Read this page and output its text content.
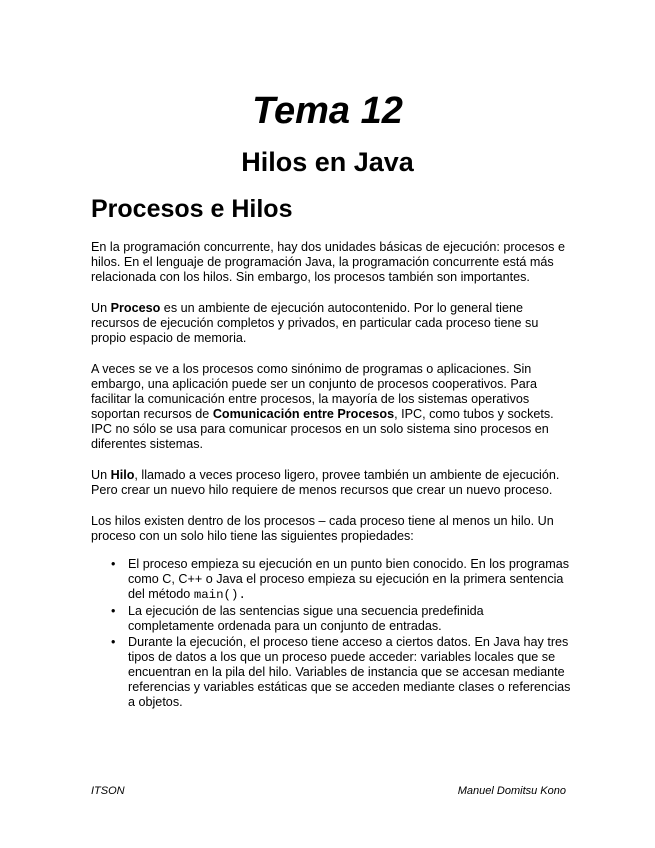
Tema 12
Hilos en Java
Procesos e Hilos

En la programación concurrente, hay dos unidades básicas de ejecución: procesos e hilos. En el lenguaje de programación Java, la programación concurrente está más relacionada con los hilos. Sin embargo, los procesos también son importantes.

Un Proceso es un ambiente de ejecución autocontenido. Por lo general tiene recursos de ejecución completos y privados, en particular cada proceso tiene su propio espacio de memoria.

A veces se ve a los procesos como sinónimo de programas o aplicaciones. Sin embargo, una aplicación puede ser un conjunto de procesos cooperativos. Para facilitar la comunicación entre procesos, la mayoría de los sistemas operativos soportan recursos de Comunicación entre Procesos, IPC, como tubos y sockets. IPC no sólo se usa para comunicar procesos en un solo sistema sino procesos en diferentes sistemas.

Un Hilo, llamado a veces proceso ligero, provee también un ambiente de ejecución. Pero crear un nuevo hilo requiere de menos recursos que crear un nuevo proceso.

Los hilos existen dentro de los procesos – cada proceso tiene al menos un hilo. Un proceso con un solo hilo tiene las siguientes propiedades:

• El proceso empieza su ejecución en un punto bien conocido. En los programas como C, C++ o Java el proceso empieza su ejecución en la primera sentencia del método main().
• La ejecución de las sentencias sigue una secuencia predefinida completamente ordenada para un conjunto de entradas.
• Durante la ejecución, el proceso tiene acceso a ciertos datos. En Java hay tres tipos de datos a los que un proceso puede acceder: variables locales que se encuentran en la pila del hilo. Variables de instancia que se accesan mediante referencias y variables estáticas que se acceden mediante clases o referencias a objetos.
ITSON	Manuel Domitsu Kono
